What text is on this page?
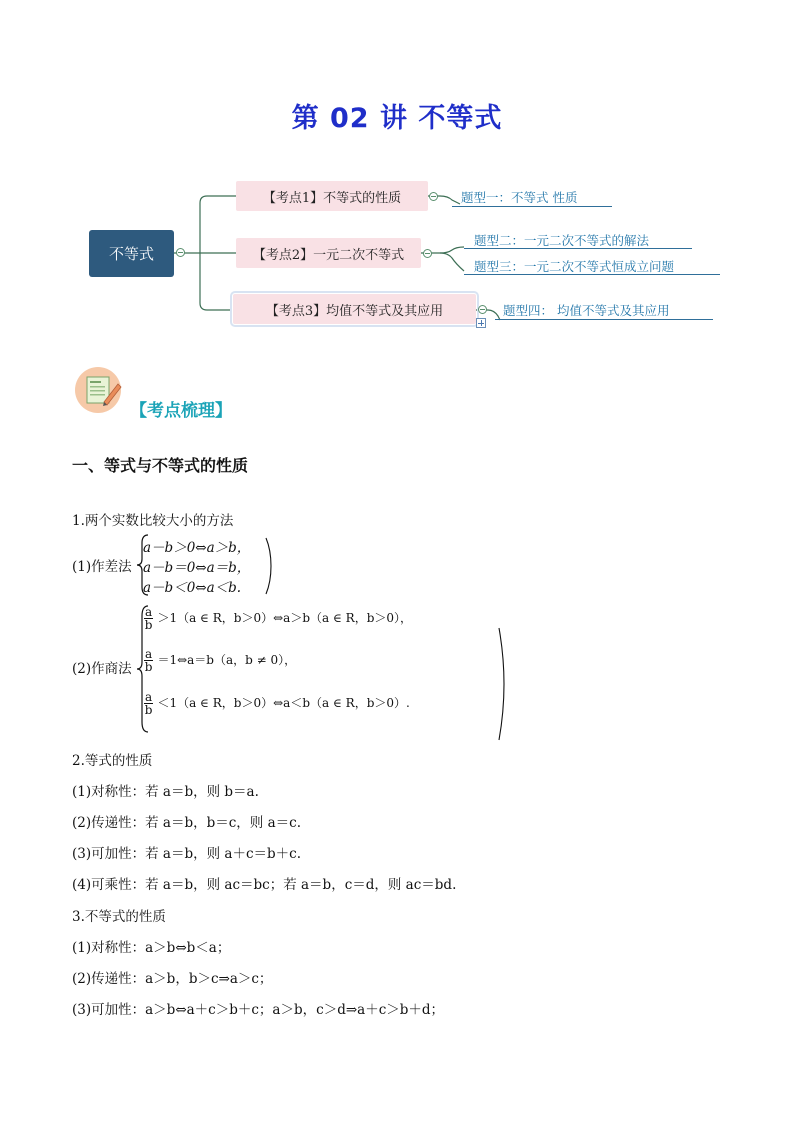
第 02 讲 不等式
不等式
【考点1】不等式的性质	题型一：不等式 性质
【考点2】一元二次不等式
题型二：一元二次不等式的解法
题型三：一元二次不等式恒成立问题
【考点3】均值不等式及其应用	题型四： 均值不等式及其应用
【考点梳理】
一、等式与不等式的性质
1.两个实数比较大小的方法
(1)作差法
a－b＞0⇔a＞b，
a－b＝0⇔a＝b，
a－b＜0⇔a＜b.
(2)作商法
$\frac{a}{b} >1(a$ ∈ R，b＞0）⇔a＞b（a ∈ R，b＞0），
$\frac{a}{b}$ ＝1⇔a＝b（a，b ≠ 0），
$\frac{a}{b} <1(a$ ∈ R，b＞0）⇔a＜b（a ∈ R，b＞0）.
2.等式的性质
(1)对称性：若 a＝b，则 b＝a.
(2)传递性：若 a＝b，b＝c，则 a＝c.
(3)可加性：若 a＝b，则 a＋c＝b＋c.
(4)可乘性：若 a＝b，则 ac＝bc；若 a＝b，c＝d，则 ac＝bd.
3.不等式的性质
(1)对称性：a＞b⇔b＜a；
(2)传递性：a＞b，b＞c⇒a＞c；
(3)可加性：a＞b⇔a＋c＞b＋c；a＞b，c＞d⇒a＋c＞b＋d；
